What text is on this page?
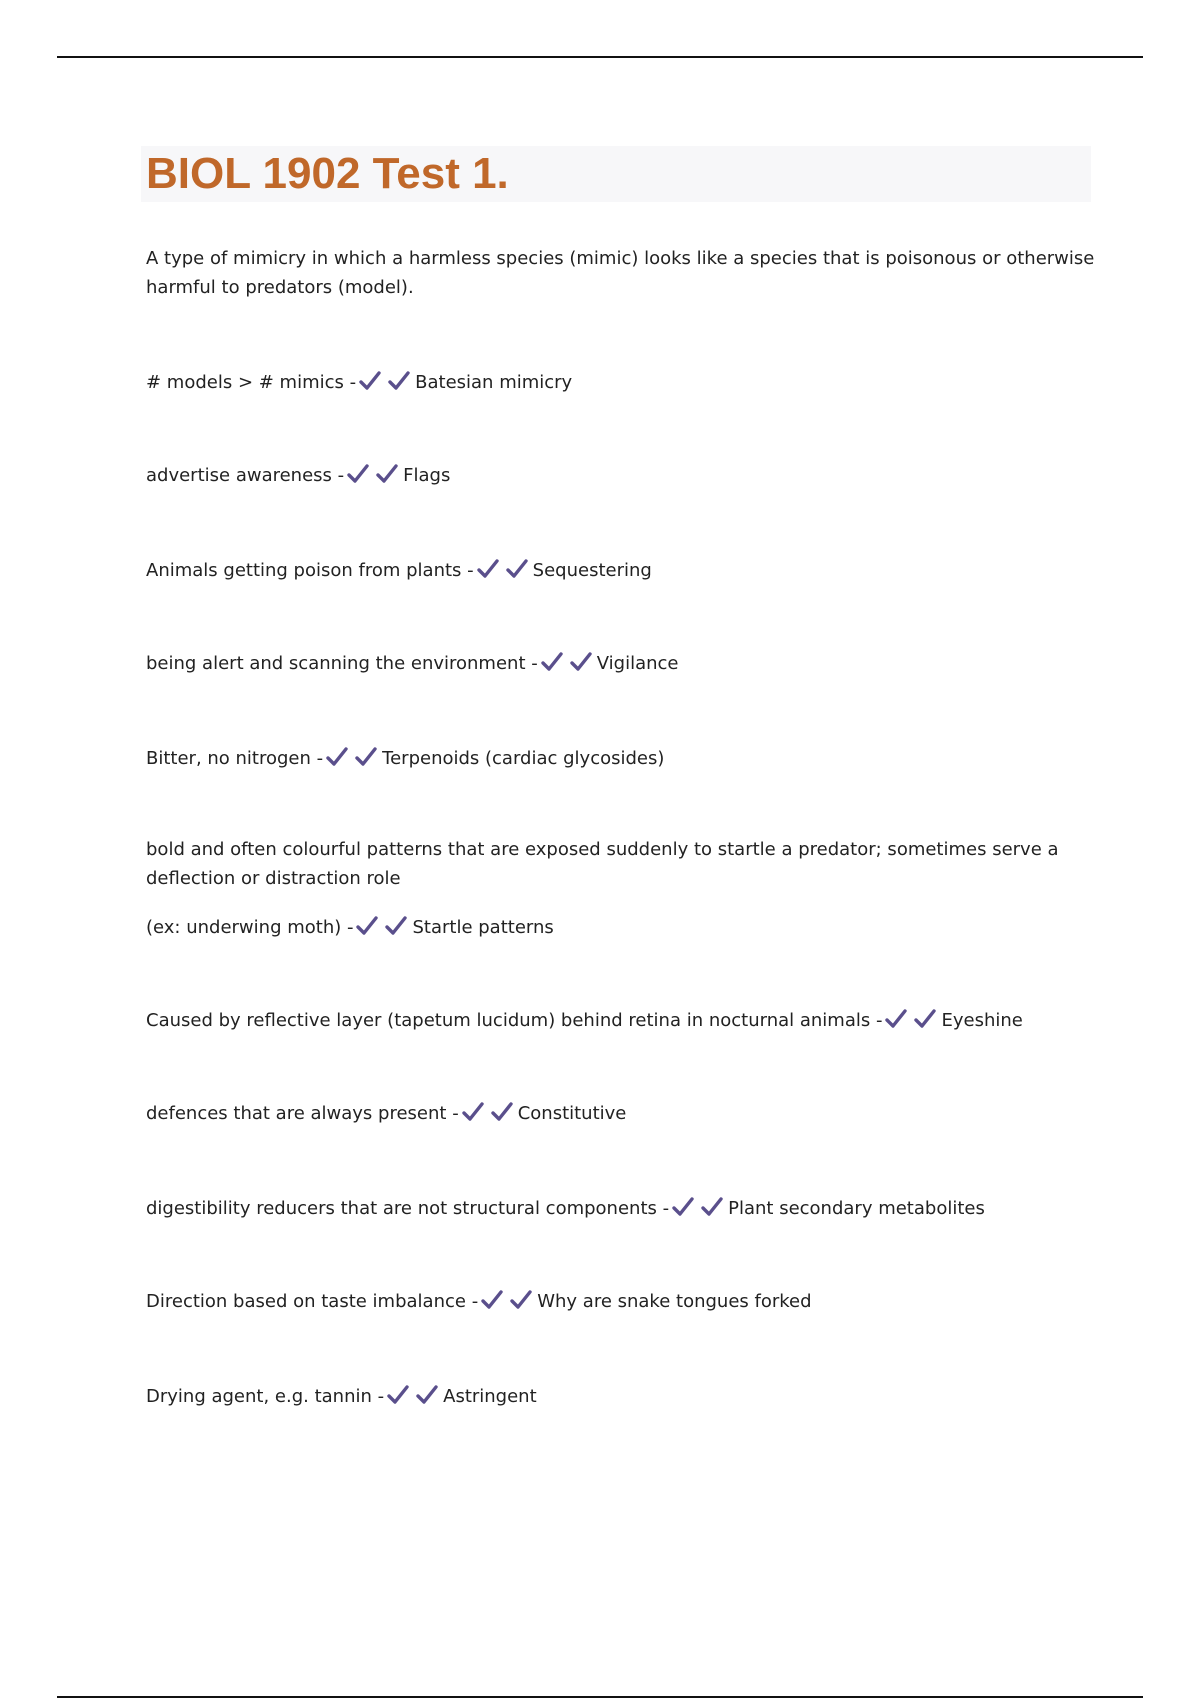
BIOL 1902 Test 1.
A type of mimicry in which a harmless species (mimic) looks like a species that is poisonous or otherwise
harmful to predators (model).
# models > # mimics -	Batesian mimicry
advertise awareness -	Flags
Animals getting poison from plants -	Sequestering
being alert and scanning the environment -	Vigilance
Bitter, no nitrogen -	Terpenoids (cardiac glycosides)
bold and often colourful patterns that are exposed suddenly to startle a predator; sometimes serve a
deflection or distraction role
(ex: underwing moth) -	Startle patterns
Caused by reflective layer (tapetum lucidum) behind retina in nocturnal animals -	Eyeshine
defences that are always present -	Constitutive
digestibility reducers that are not structural components -	Plant secondary metabolites
Direction based on taste imbalance -	Why are snake tongues forked
Drying agent, e.g. tannin -	Astringent
